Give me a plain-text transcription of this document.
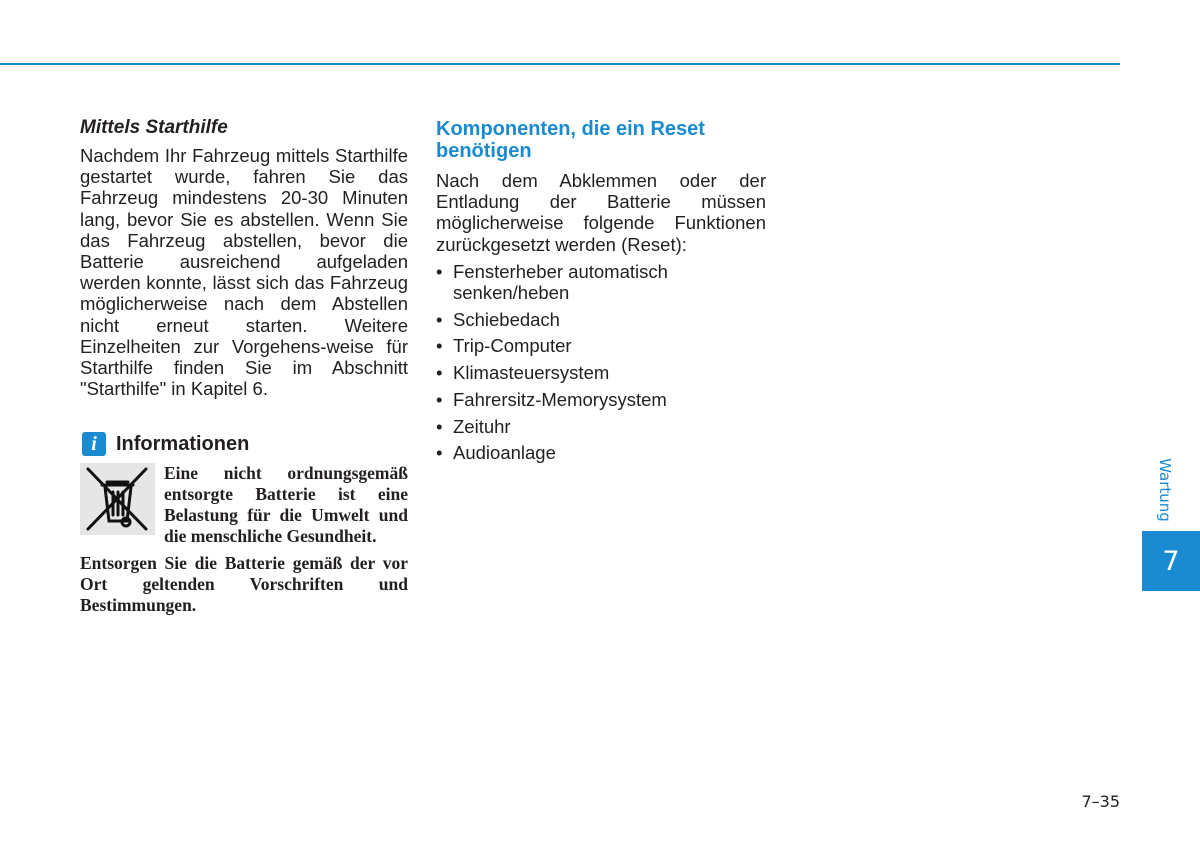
Mittels Starthilfe

Nachdem Ihr Fahrzeug mittels Starthilfe gestartet wurde, fahren Sie das Fahrzeug mindestens 20-30 Minuten lang, bevor Sie es abstellen. Wenn Sie das Fahrzeug abstellen, bevor die Batterie ausreichend aufgeladen werden konnte, lässt sich das Fahrzeug möglicherweise nach dem Abstellen nicht erneut starten. Weitere Einzelheiten zur Vorgehens-weise für Starthilfe finden Sie im Abschnitt "Starthilfe" in Kapitel 6.

i Informationen

Eine nicht ordnungsgemäß entsorgte Batterie ist eine Belastung für die Umwelt und die menschliche Gesundheit.

Entsorgen Sie die Batterie gemäß der vor Ort geltenden Vorschriften und Bestimmungen.

Komponenten, die ein Reset benötigen

Nach dem Abklemmen oder der Entladung der Batterie müssen möglicherweise folgende Funktionen zurückgesetzt werden (Reset):

• Fensterheber automatisch senken/heben
• Schiebedach
• Trip-Computer
• Klimasteuersystem
• Fahrersitz-Memorysystem
• Zeituhr
• Audioanlage
Wartung
7
7–35
